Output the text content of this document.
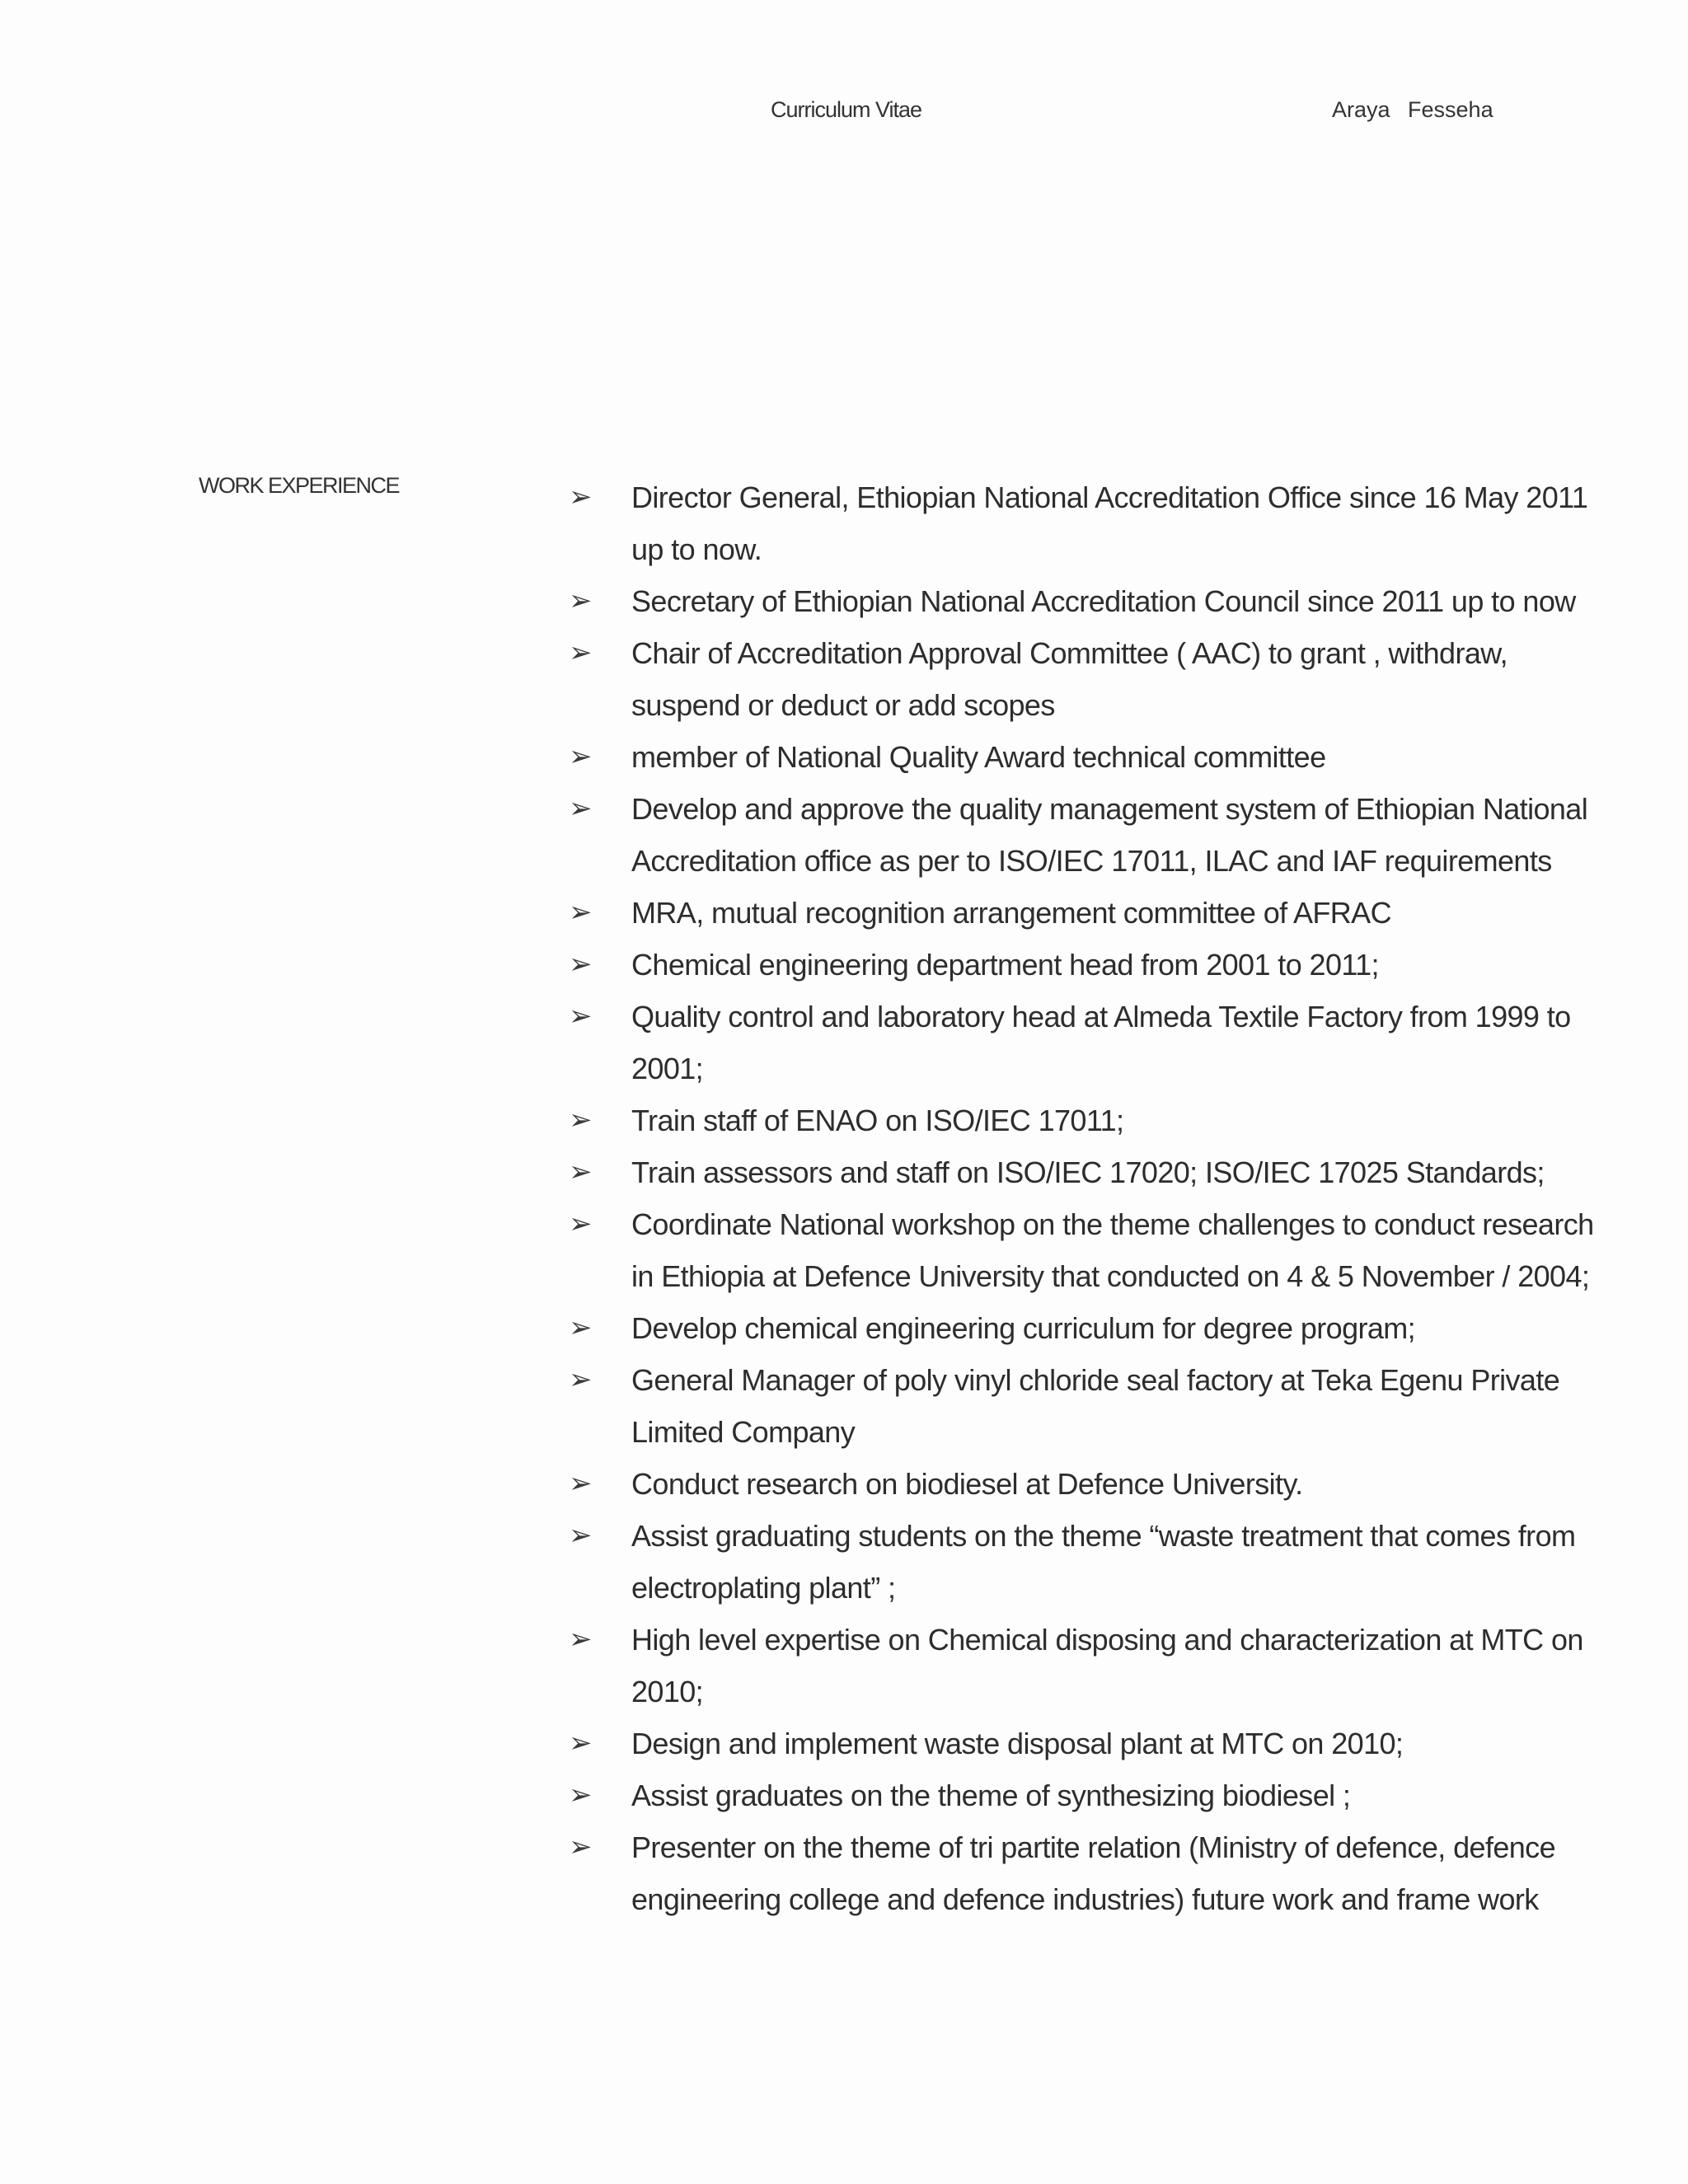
Curriculum Vitae	Araya Fesseha
WORK EXPERIENCE	➢	Director General, Ethiopian National Accreditation Office since 16 May 2011 up to now.
➢	Secretary of Ethiopian National Accreditation Council since 2011 up to now
➢	Chair of Accreditation Approval Committee ( AAC) to grant , withdraw, suspend or deduct or add scopes
➢	member of National Quality Award technical committee
➢	Develop and approve the quality management system of Ethiopian National Accreditation office as per to ISO/IEC 17011, ILAC and IAF requirements
➢	MRA, mutual recognition arrangement committee of AFRAC
➢	Chemical engineering department head from 2001 to 2011;
➢	Quality control and laboratory head at Almeda Textile Factory from 1999 to 2001;
➢	Train staff of ENAO on ISO/IEC 17011;
➢	Train assessors and staff on ISO/IEC 17020; ISO/IEC 17025 Standards;
➢	Coordinate National workshop on the theme challenges to conduct research in Ethiopia at Defence University that conducted on 4 & 5 November / 2004;
➢	Develop chemical engineering curriculum for degree program;
➢	General Manager of poly vinyl chloride seal factory at Teka Egenu Private Limited Company
➢	Conduct research on biodiesel at Defence University.
➢	Assist graduating students on the theme “waste treatment that comes from electroplating plant” ;
➢	High level expertise on Chemical disposing and characterization at MTC on 2010;
➢	Design and implement waste disposal plant at MTC on 2010;
➢	Assist graduates on the theme of synthesizing biodiesel ;
➢	Presenter on the theme of tri partite relation (Ministry of defence, defence engineering college and defence industries) future work and frame work
